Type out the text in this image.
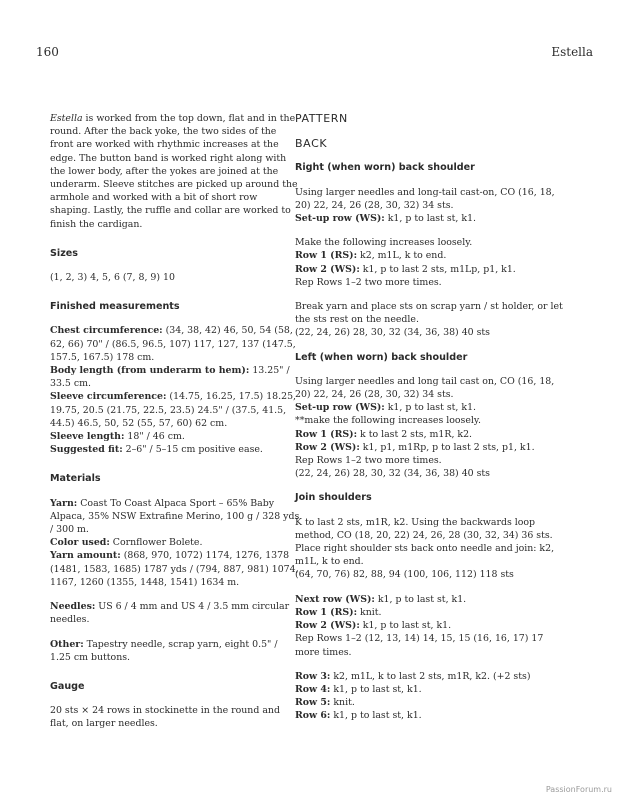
160	Estella

Estella is worked from the top down, flat and in the round. After the back yoke, the two sides of the front are worked with rhythmic increases at the edge. The button band is worked right along with the lower body, after the yokes are joined at the underarm. Sleeve stitches are picked up around the armhole and worked with a bit of short row shaping. Lastly, the ruffle and collar are worked to finish the cardigan.

Sizes

(1, 2, 3) 4, 5, 6 (7, 8, 9) 10

Finished measurements

Chest circumference: (34, 38, 42) 46, 50, 54 (58, 62, 66) 70" / (86.5, 96.5, 107) 117, 127, 137 (147.5, 157.5, 167.5) 178 cm.

Body length (from underarm to hem): 13.25" / 33.5 cm.

Sleeve circumference: (14.75, 16.25, 17.5) 18.25, 19.75, 20.5 (21.75, 22.5, 23.5) 24.5" / (37.5, 41.5, 44.5) 46.5, 50, 52 (55, 57, 60) 62 cm.

Sleeve length: 18" / 46 cm.

Suggested fit: 2–6" / 5–15 cm positive ease.

Materials

Yarn: Coast To Coast Alpaca Sport – 65% Baby Alpaca, 35% NSW Extrafine Merino, 100 g / 328 yds / 300 m.

Color used: Cornflower Bolete.

Yarn amount: (868, 970, 1072) 1174, 1276, 1378 (1481, 1583, 1685) 1787 yds / (794, 887, 981) 1074, 1167, 1260 (1355, 1448, 1541) 1634 m.

Needles: US 6 / 4 mm and US 4 / 3.5 mm circular needles.

Other: Tapestry needle, scrap yarn, eight 0.5" / 1.25 cm buttons.

Gauge

20 sts × 24 rows in stockinette in the round and flat, on larger needles.

PATTERN

BACK

Right (when worn) back shoulder

Using larger needles and long-tail cast-on, CO (16, 18, 20) 22, 24, 26 (28, 30, 32) 34 sts.

Set-up row (WS): k1, p to last st, k1.

Make the following increases loosely.

Row 1 (RS): k2, m1L, k to end.

Row 2 (WS): k1, p to last 2 sts, m1Lp, p1, k1.

Rep Rows 1–2 two more times.

Break yarn and place sts on scrap yarn / st holder, or let the sts rest on the needle.

(22, 24, 26) 28, 30, 32 (34, 36, 38) 40 sts

Left (when worn) back shoulder

Using larger needles and long tail cast on, CO (16, 18, 20) 22, 24, 26 (28, 30, 32) 34 sts.

Set-up row (WS): k1, p to last st, k1.

**make the following increases loosely.

Row 1 (RS): k to last 2 sts, m1R, k2.

Row 2 (WS): k1, p1, m1Rp, p to last 2 sts, p1, k1.

Rep Rows 1–2 two more times.

(22, 24, 26) 28, 30, 32 (34, 36, 38) 40 sts

Join shoulders

K to last 2 sts, m1R, k2. Using the backwards loop method, CO (18, 20, 22) 24, 26, 28 (30, 32, 34) 36 sts. Place right shoulder sts back onto needle and join: k2, m1L, k to end.

(64, 70, 76) 82, 88, 94 (100, 106, 112) 118 sts

Next row (WS): k1, p to last st, k1.

Row 1 (RS): knit.

Row 2 (WS): k1, p to last st, k1.

Rep Rows 1–2 (12, 13, 14) 14, 15, 15 (16, 16, 17) 17 more times.

Row 3: k2, m1L, k to last 2 sts, m1R, k2. (+2 sts)

Row 4: k1, p to last st, k1.

Row 5: knit.

Row 6: k1, p to last st, k1.

PassionForum.ru
